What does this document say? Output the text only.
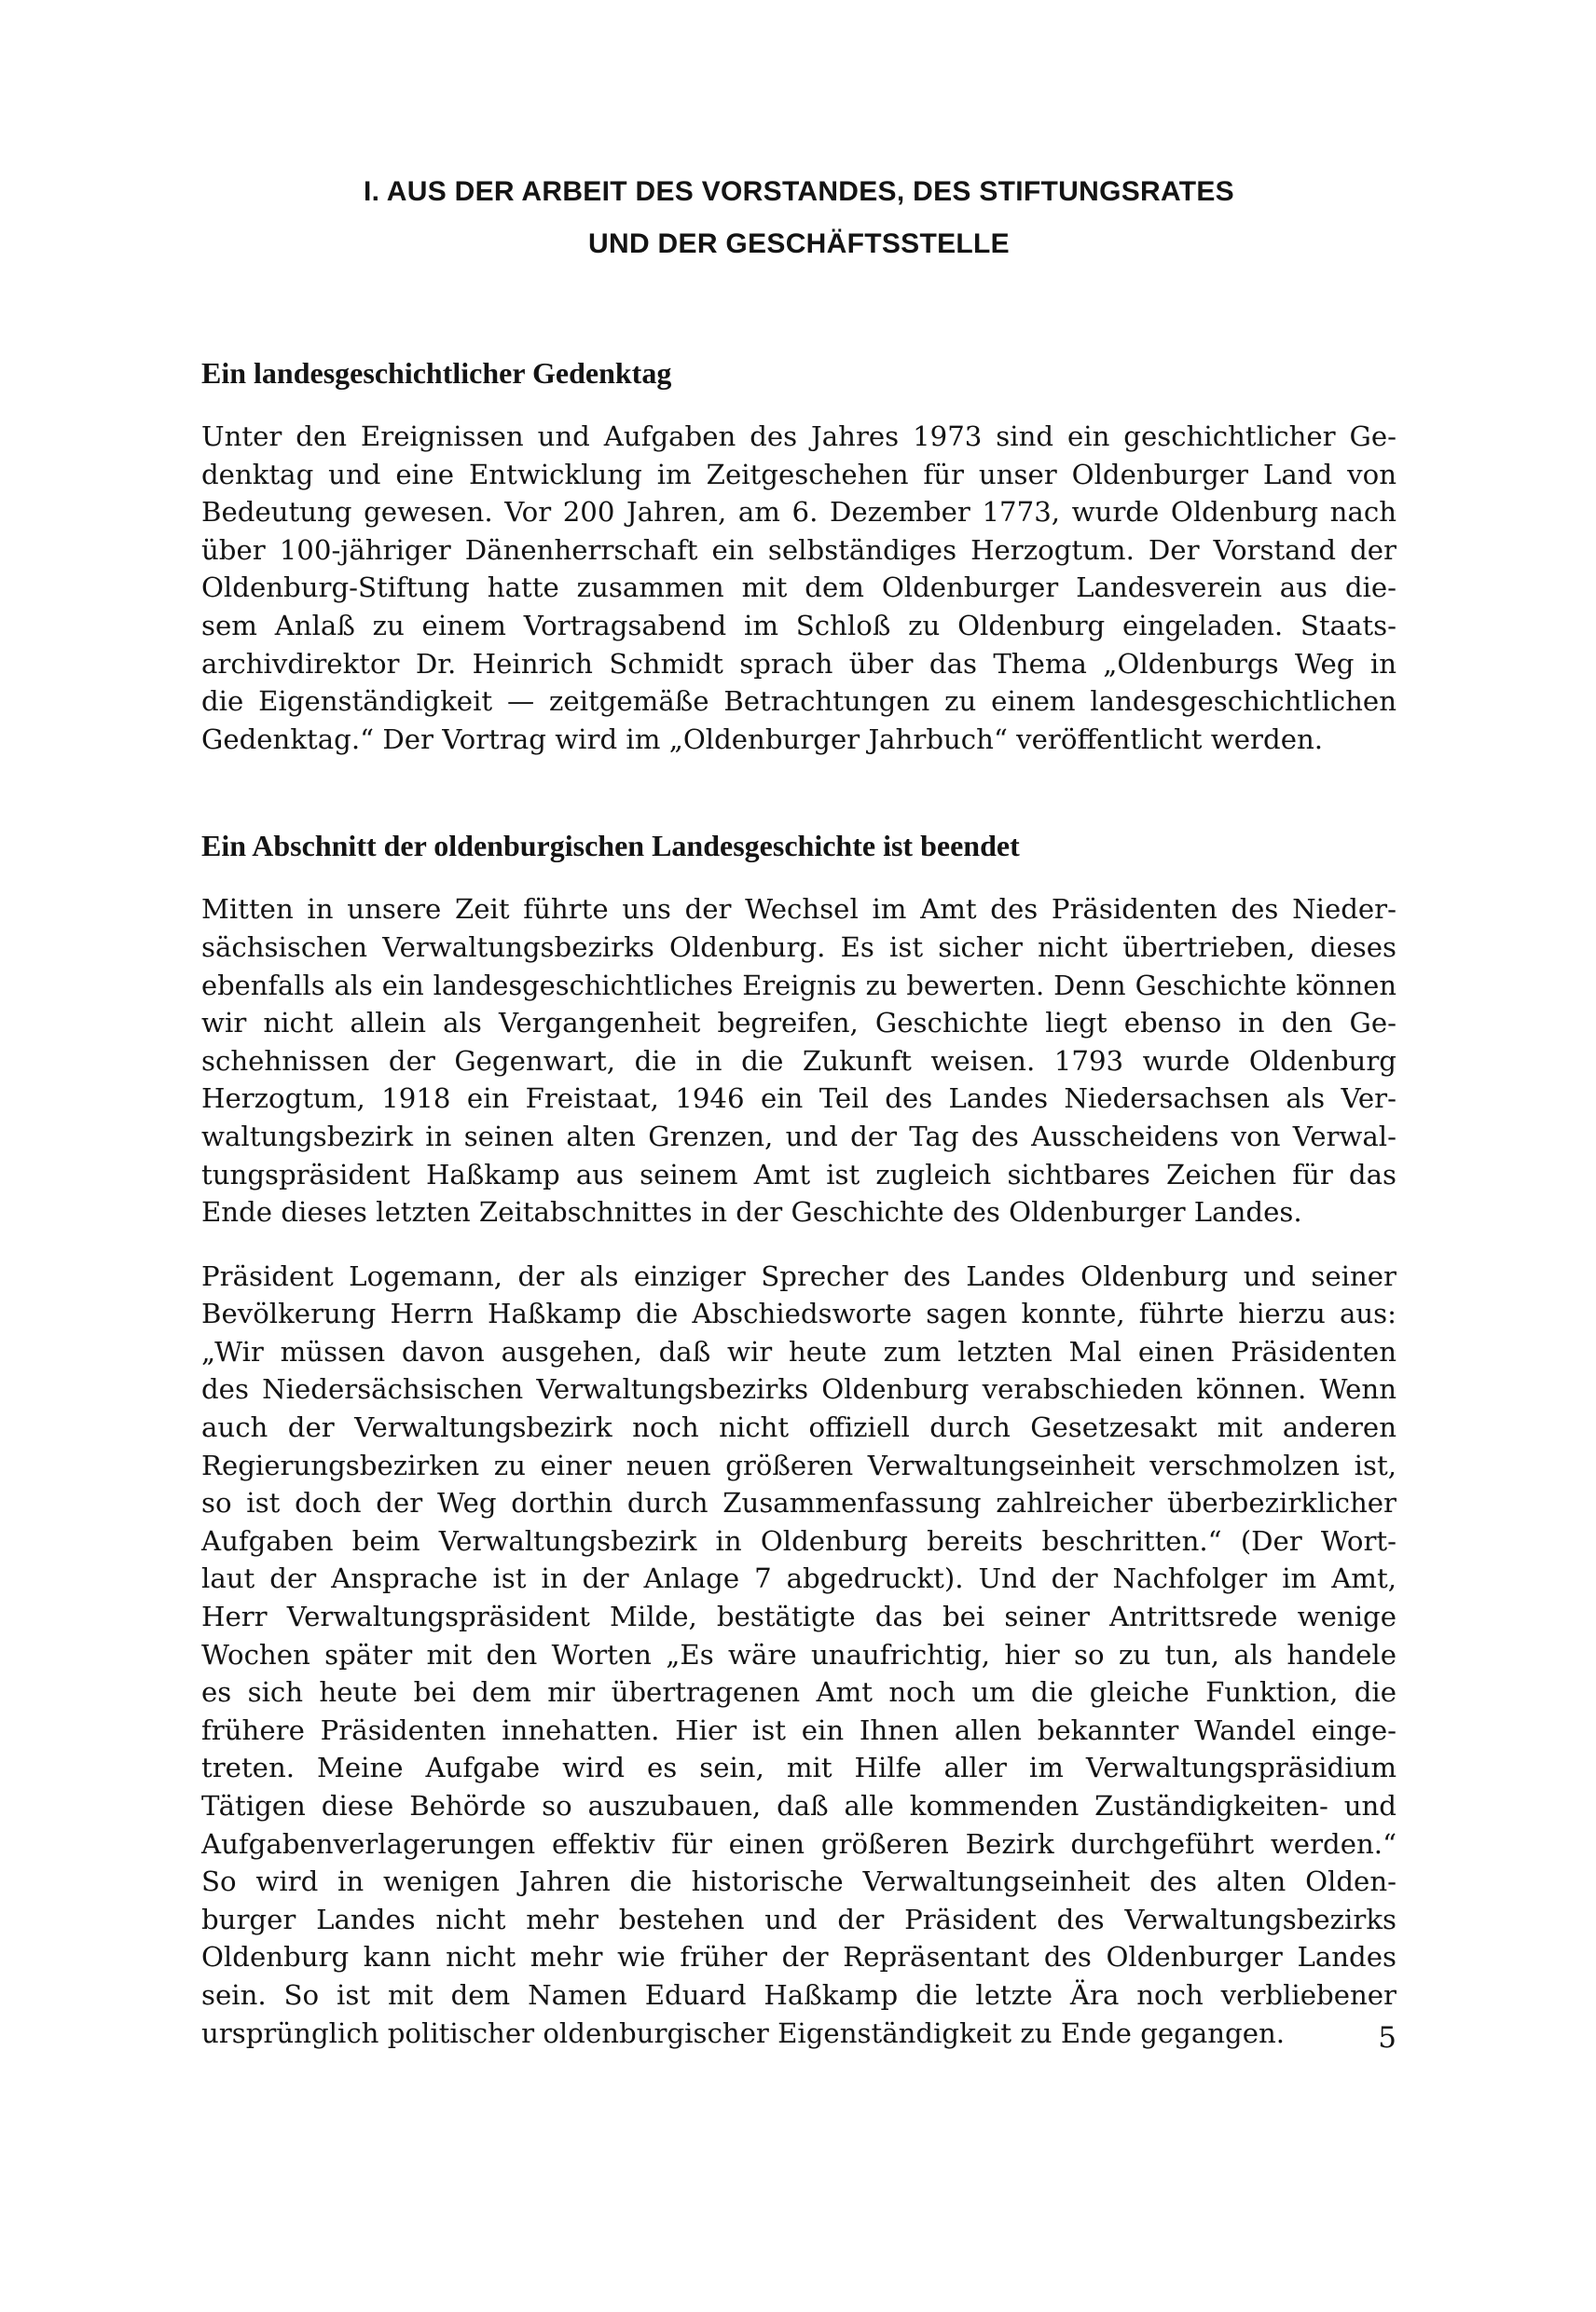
I. AUS DER ARBEIT DES VORSTANDES, DES STIFTUNGSRATES
UND DER GESCHÄFTSSTELLE
Ein landesgeschichtlicher Gedenktag

Unter den Ereignissen und Aufgaben des Jahres 1973 sind ein geschichtlicher Ge-
denktag und eine Entwicklung im Zeitgeschehen für unser Oldenburger Land von
Bedeutung gewesen. Vor 200 Jahren, am 6. Dezember 1773, wurde Oldenburg nach
über 100-jähriger Dänenherrschaft ein selbständiges Herzogtum. Der Vorstand der
Oldenburg-Stiftung hatte zusammen mit dem Oldenburger Landesverein aus die-
sem Anlaß zu einem Vortragsabend im Schloß zu Oldenburg eingeladen. Staats-
archivdirektor Dr. Heinrich Schmidt sprach über das Thema „Oldenburgs Weg in
die Eigenständigkeit — zeitgemäße Betrachtungen zu einem landesgeschichtlichen
Gedenktag.“ Der Vortrag wird im „Oldenburger Jahrbuch“ veröffentlicht werden.

Ein Abschnitt der oldenburgischen Landesgeschichte ist beendet

Mitten in unsere Zeit führte uns der Wechsel im Amt des Präsidenten des Nieder-
sächsischen Verwaltungsbezirks Oldenburg. Es ist sicher nicht übertrieben, dieses
ebenfalls als ein landesgeschichtliches Ereignis zu bewerten. Denn Geschichte können
wir nicht allein als Vergangenheit begreifen, Geschichte liegt ebenso in den Ge-
schehnissen der Gegenwart, die in die Zukunft weisen. 1793 wurde Oldenburg
Herzogtum, 1918 ein Freistaat, 1946 ein Teil des Landes Niedersachsen als Ver-
waltungsbezirk in seinen alten Grenzen, und der Tag des Ausscheidens von Verwal-
tungspräsident Haßkamp aus seinem Amt ist zugleich sichtbares Zeichen für das
Ende dieses letzten Zeitabschnittes in der Geschichte des Oldenburger Landes.

Präsident Logemann, der als einziger Sprecher des Landes Oldenburg und seiner
Bevölkerung Herrn Haßkamp die Abschiedsworte sagen konnte, führte hierzu aus:
„Wir müssen davon ausgehen, daß wir heute zum letzten Mal einen Präsidenten
des Niedersächsischen Verwaltungsbezirks Oldenburg verabschieden können. Wenn
auch der Verwaltungsbezirk noch nicht offiziell durch Gesetzesakt mit anderen
Regierungsbezirken zu einer neuen größeren Verwaltungseinheit verschmolzen ist,
so ist doch der Weg dorthin durch Zusammenfassung zahlreicher überbezirklicher
Aufgaben beim Verwaltungsbezirk in Oldenburg bereits beschritten.“ (Der Wort-
laut der Ansprache ist in der Anlage 7 abgedruckt). Und der Nachfolger im Amt,
Herr Verwaltungspräsident Milde, bestätigte das bei seiner Antrittsrede wenige
Wochen später mit den Worten „Es wäre unaufrichtig, hier so zu tun, als handele
es sich heute bei dem mir übertragenen Amt noch um die gleiche Funktion, die
frühere Präsidenten innehatten. Hier ist ein Ihnen allen bekannter Wandel einge-
treten. Meine Aufgabe wird es sein, mit Hilfe aller im Verwaltungspräsidium
Tätigen diese Behörde so auszubauen, daß alle kommenden Zuständigkeiten- und
Aufgabenverlagerungen effektiv für einen größeren Bezirk durchgeführt werden.“
So wird in wenigen Jahren die historische Verwaltungseinheit des alten Olden-
burger Landes nicht mehr bestehen und der Präsident des Verwaltungsbezirks
Oldenburg kann nicht mehr wie früher der Repräsentant des Oldenburger Landes
sein. So ist mit dem Namen Eduard Haßkamp die letzte Ära noch verbliebener
ursprünglich politischer oldenburgischer Eigenständigkeit zu Ende gegangen.	5
